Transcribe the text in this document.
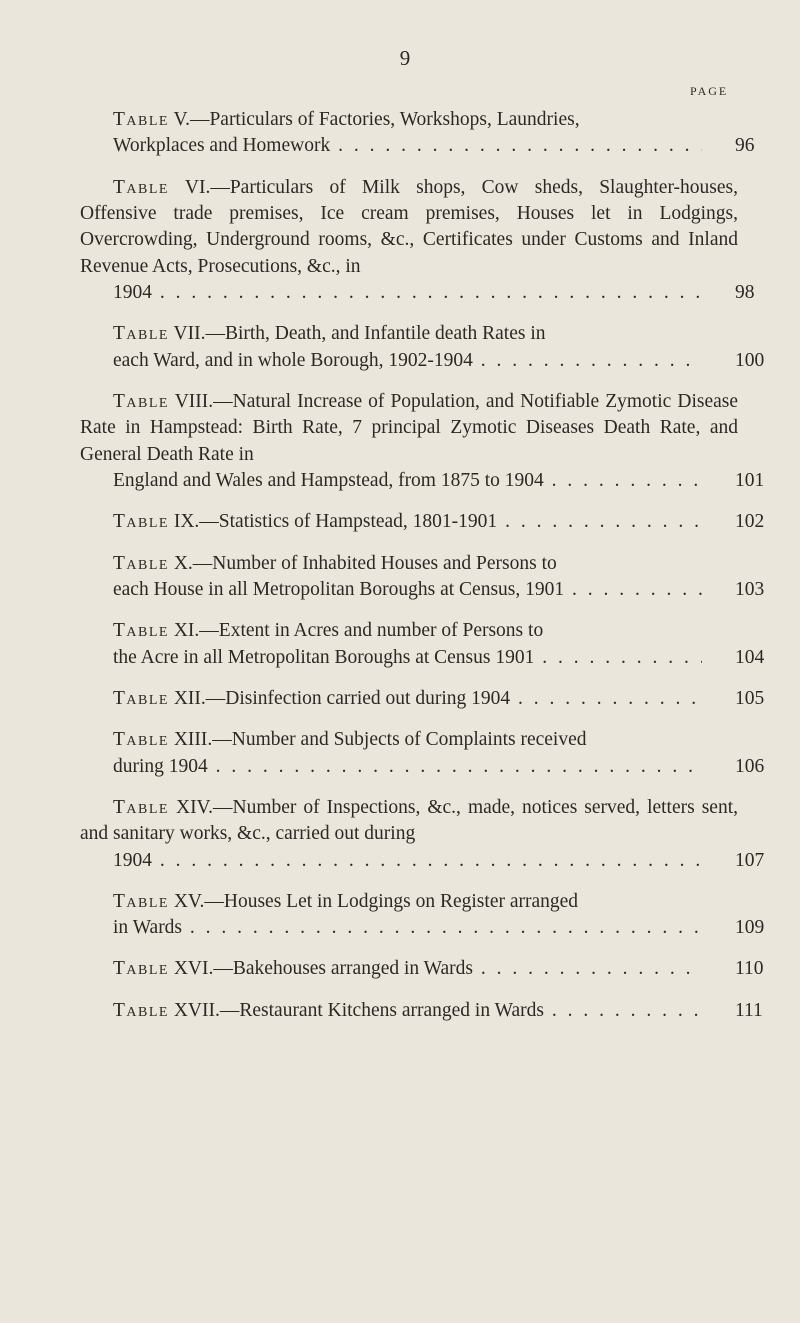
9
PAGE
Table V.—Particulars of Factories, Workshops, Laundries,
Workplaces and Homework . . .	96
Table VI.—Particulars of Milk shops, Cow sheds, Slaughter-houses, Offensive trade premises, Ice cream premises, Houses let in Lodgings, Overcrowding, Underground rooms, &c., Certificates under Customs and Inland Revenue Acts, Prosecutions, &c., in
1904 . . .	98
Table VII.—Birth, Death, and Infantile death Rates in
each Ward, and in whole Borough, 1902-1904 . . .	100
Table VIII.—Natural Increase of Population, and Notifiable Zymotic Disease Rate in Hampstead: Birth Rate, 7 principal Zymotic Diseases Death Rate, and General Death Rate in
England and Wales and Hampstead, from 1875 to 1904 . . .	101
Table IX.—Statistics of Hampstead, 1801-1901 . . .	102
Table X.—Number of Inhabited Houses and Persons to
each House in all Metropolitan Boroughs at Census, 1901 . . .	103
Table XI.—Extent in Acres and number of Persons to
the Acre in all Metropolitan Boroughs at Census 1901 . . .	104
Table XII.—Disinfection carried out during 1904 . . .	105
Table XIII.—Number and Subjects of Complaints received
during 1904 . . .	106
Table XIV.—Number of Inspections, &c., made, notices served, letters sent, and sanitary works, &c., carried out during
1904 . . .	107
Table XV.—Houses Let in Lodgings on Register arranged
in Wards . . .	109
Table XVI.—Bakehouses arranged in Wards . . .	110
Table XVII.—Restaurant Kitchens arranged in Wards . . .	111
